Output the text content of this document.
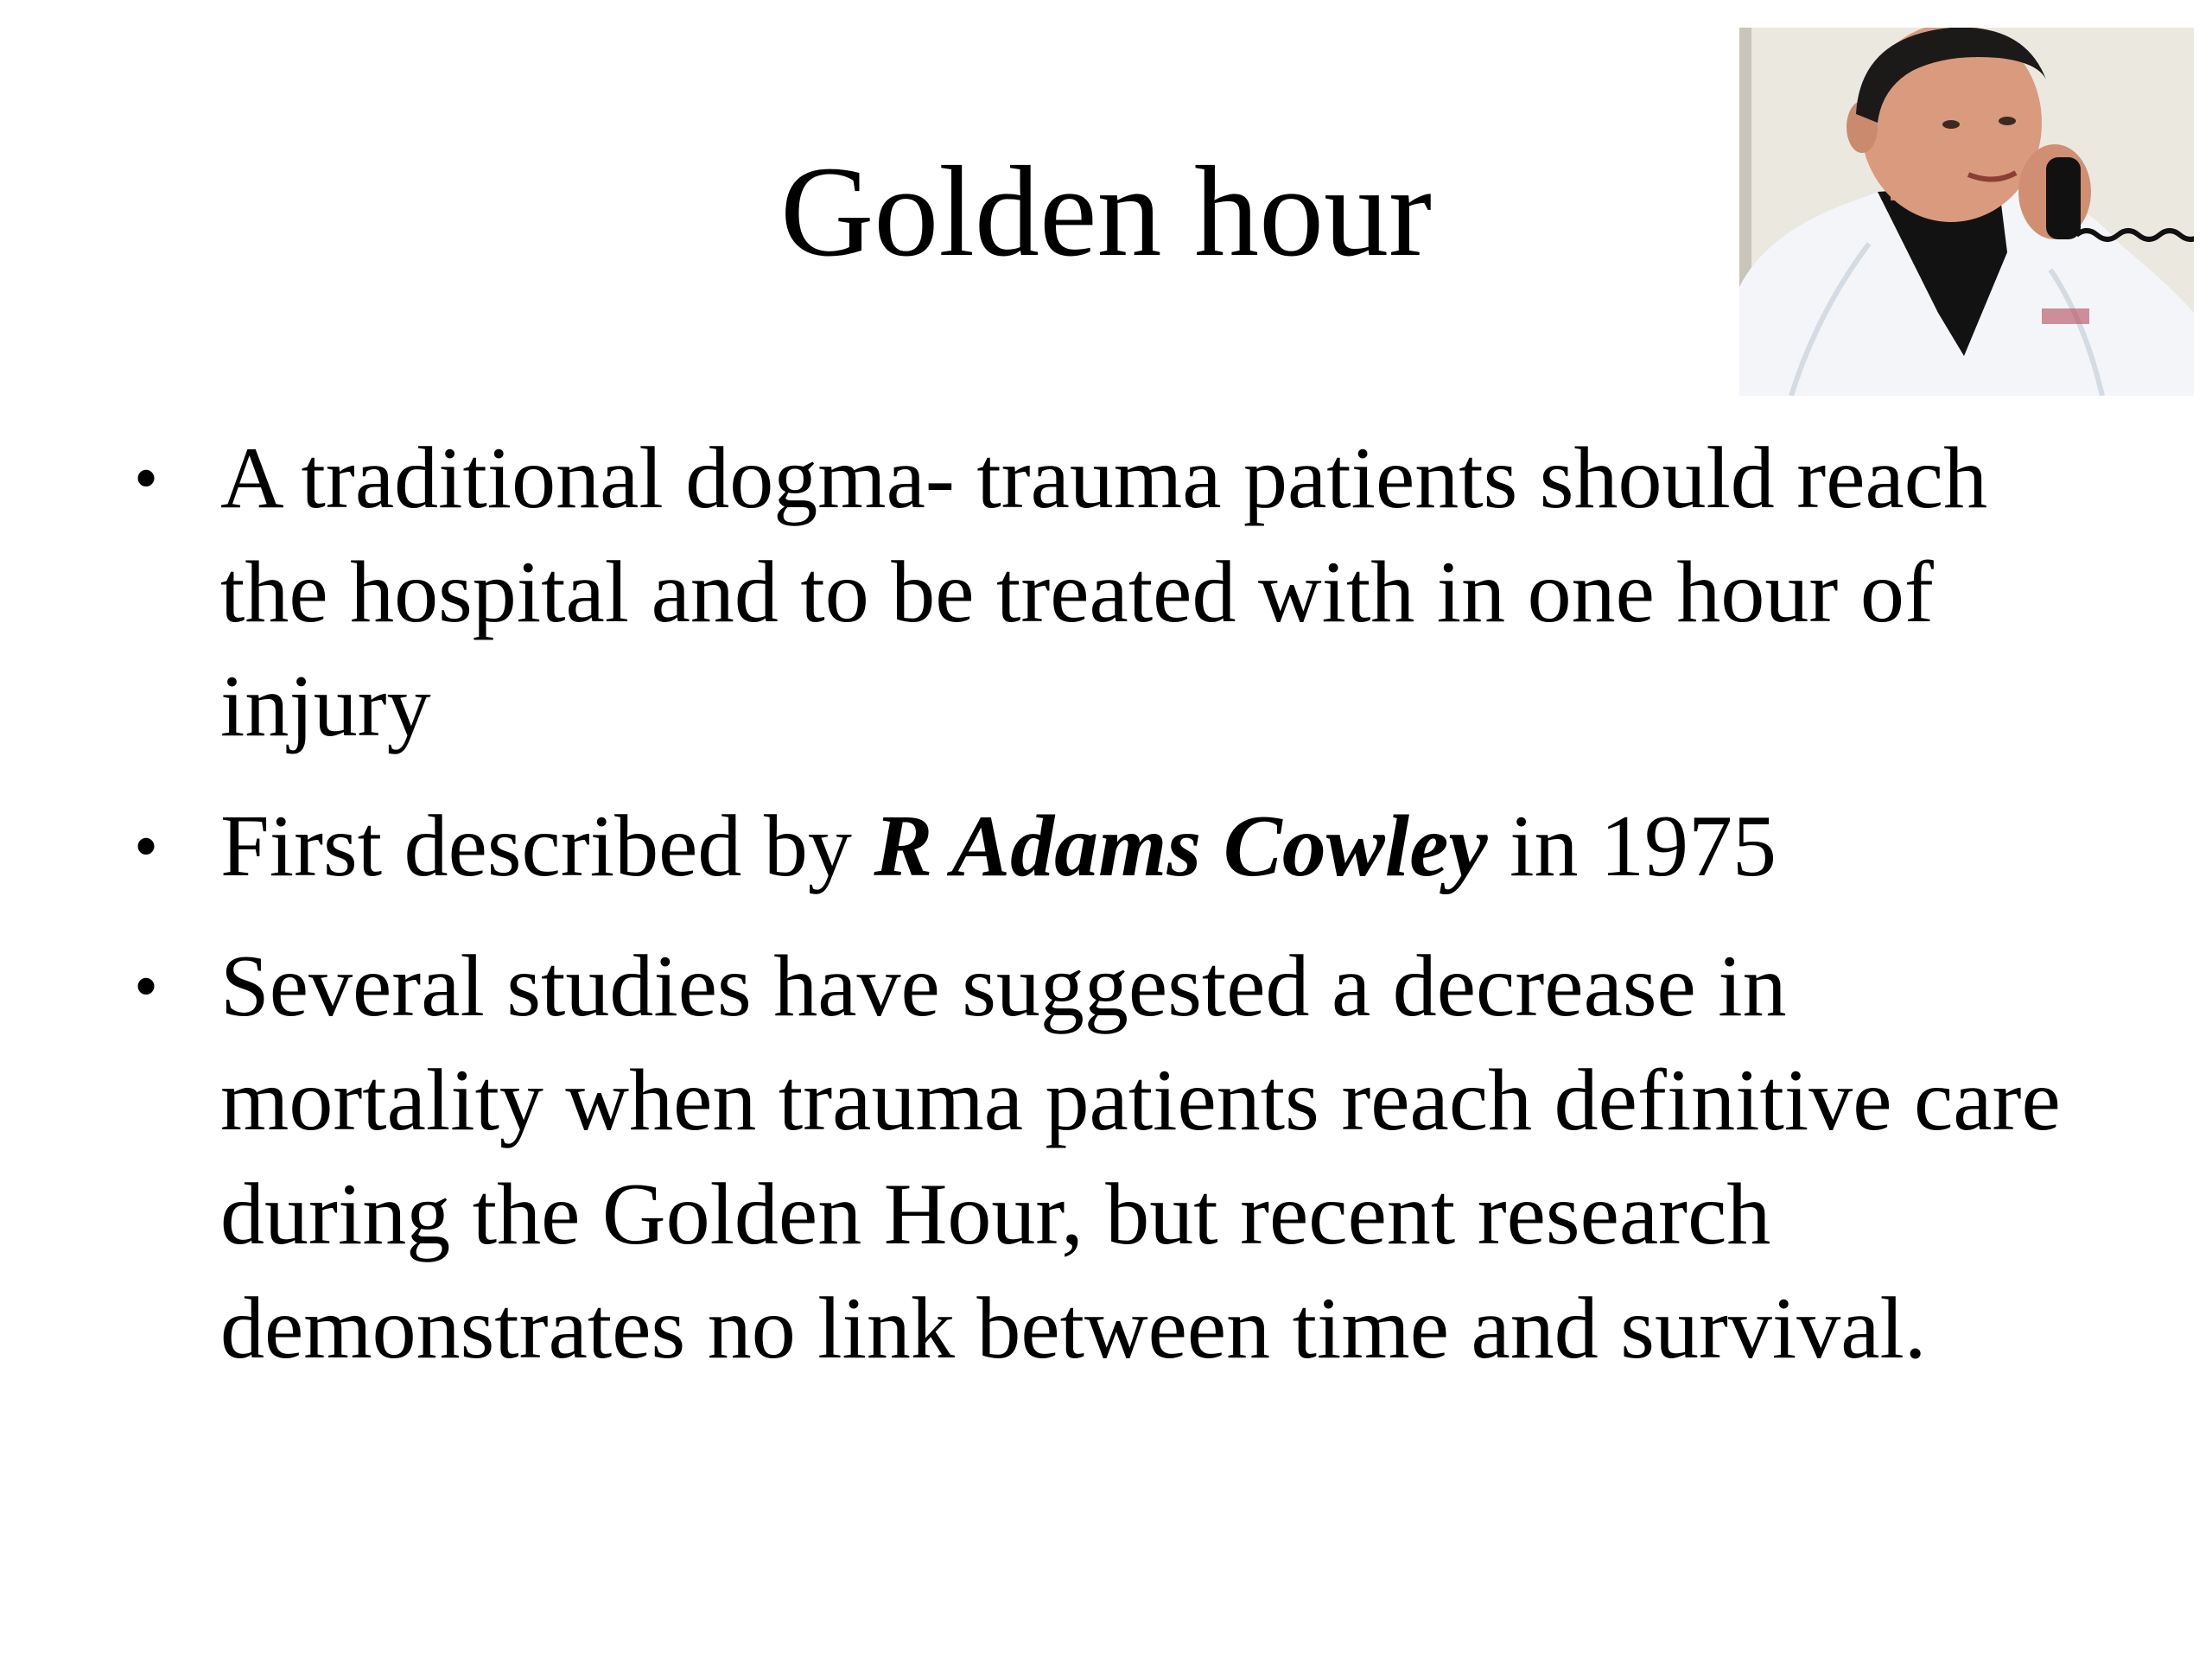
Golden hour
• A traditional dogma- trauma patients should reach the hospital and to be treated with in one hour of injury
• First described by R Adams Cowley in 1975
• Several studies have suggested a decrease in mortality when trauma patients reach definitive care during the Golden Hour, but recent research demonstrates no link between time and survival.
